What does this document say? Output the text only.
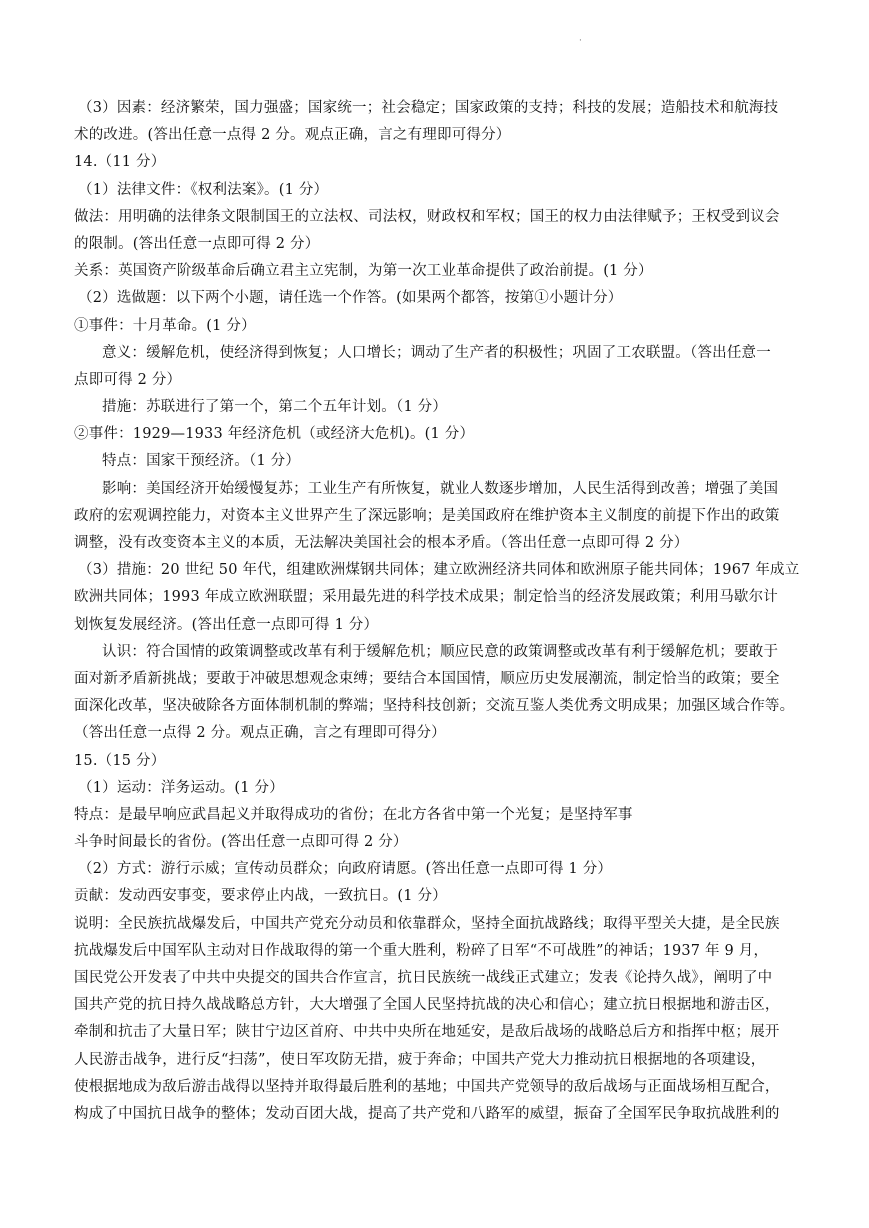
·
（3）因素：经济繁荣，国力强盛；国家统一；社会稳定；国家政策的支持；科技的发展；造船技术和航海技
术的改进。(答出任意一点得 2 分。观点正确，言之有理即可得分）
14.（11 分）
（1）法律文件：《权利法案》。(1 分）
做法：用明确的法律条文限制国王的立法权、司法权，财政权和军权；国王的权力由法律赋予；王权受到议会
的限制。(答出任意一点即可得 2 分）
关系：英国资产阶级革命后确立君主立宪制，为第一次工业革命提供了政治前提。(1 分）
（2）选做题：以下两个小题，请任选一个作答。(如果两个都答，按第①小题计分）
①事件：十月革命。(1 分）
意义：缓解危机，使经济得到恢复；人口增长；调动了生产者的积极性；巩固了工农联盟。（答出任意一
点即可得 2 分）
措施：苏联进行了第一个，第二个五年计划。（1 分）
②事件：1929—1933 年经济危机（或经济大危机)。(1 分）
特点：国家干预经济。（1 分）
影响：美国经济开始缓慢复苏；工业生产有所恢复，就业人数逐步增加，人民生活得到改善；增强了美国
政府的宏观调控能力，对资本主义世界产生了深远影响；是美国政府在维护资本主义制度的前提下作出的政策
调整，没有改变资本主义的本质，无法解决美国社会的根本矛盾。（答出任意一点即可得 2 分）
（3）措施：20 世纪 50 年代，组建欧洲煤钢共同体；建立欧洲经济共同体和欧洲原子能共同体；1967 年成立
欧洲共同体；1993 年成立欧洲联盟；采用最先进的科学技术成果；制定恰当的经济发展政策；利用马歇尔计
划恢复发展经济。(答出任意一点即可得 1 分）
认识：符合国情的政策调整或改革有利于缓解危机；顺应民意的政策调整或改革有利于缓解危机；要敢于
面对新矛盾新挑战；要敢于冲破思想观念束缚；要结合本国国情，顺应历史发展潮流，制定恰当的政策；要全
面深化改革，坚决破除各方面体制机制的弊端；坚持科技创新；交流互鉴人类优秀文明成果；加强区域合作等。
（答出任意一点得 2 分。观点正确，言之有理即可得分）
15.（15 分）
（1）运动：洋务运动。(1 分）
特点：是最早响应武昌起义并取得成功的省份；在北方各省中第一个光复；是坚持军事
斗争时间最长的省份。(答出任意一点即可得 2 分）
（2）方式：游行示威；宣传动员群众；向政府请愿。(答出任意一点即可得 1 分）
贡献：发动西安事变，要求停止内战，一致抗日。(1 分）
说明：全民族抗战爆发后，中国共产党充分动员和依靠群众，坚持全面抗战路线；取得平型关大捷，是全民族
抗战爆发后中国军队主动对日作战取得的第一个重大胜利，粉碎了日军“不可战胜”的神话；1937 年 9 月，
国民党公开发表了中共中央提交的国共合作宣言，抗日民族统一战线正式建立；发表《论持久战》，阐明了中
国共产党的抗日持久战战略总方针，大大增强了全国人民坚持抗战的决心和信心；建立抗日根据地和游击区，
牵制和抗击了大量日军；陕甘宁边区首府、中共中央所在地延安，是敌后战场的战略总后方和指挥中枢；展开
人民游击战争，进行反“扫荡”，使日军攻防无措，疲于奔命；中国共产党大力推动抗日根据地的各项建设，
使根据地成为敌后游击战得以坚持并取得最后胜利的基地；中国共产党领导的敌后战场与正面战场相互配合，
构成了中国抗日战争的整体；发动百团大战，提高了共产党和八路军的威望，振奋了全国军民争取抗战胜利的
